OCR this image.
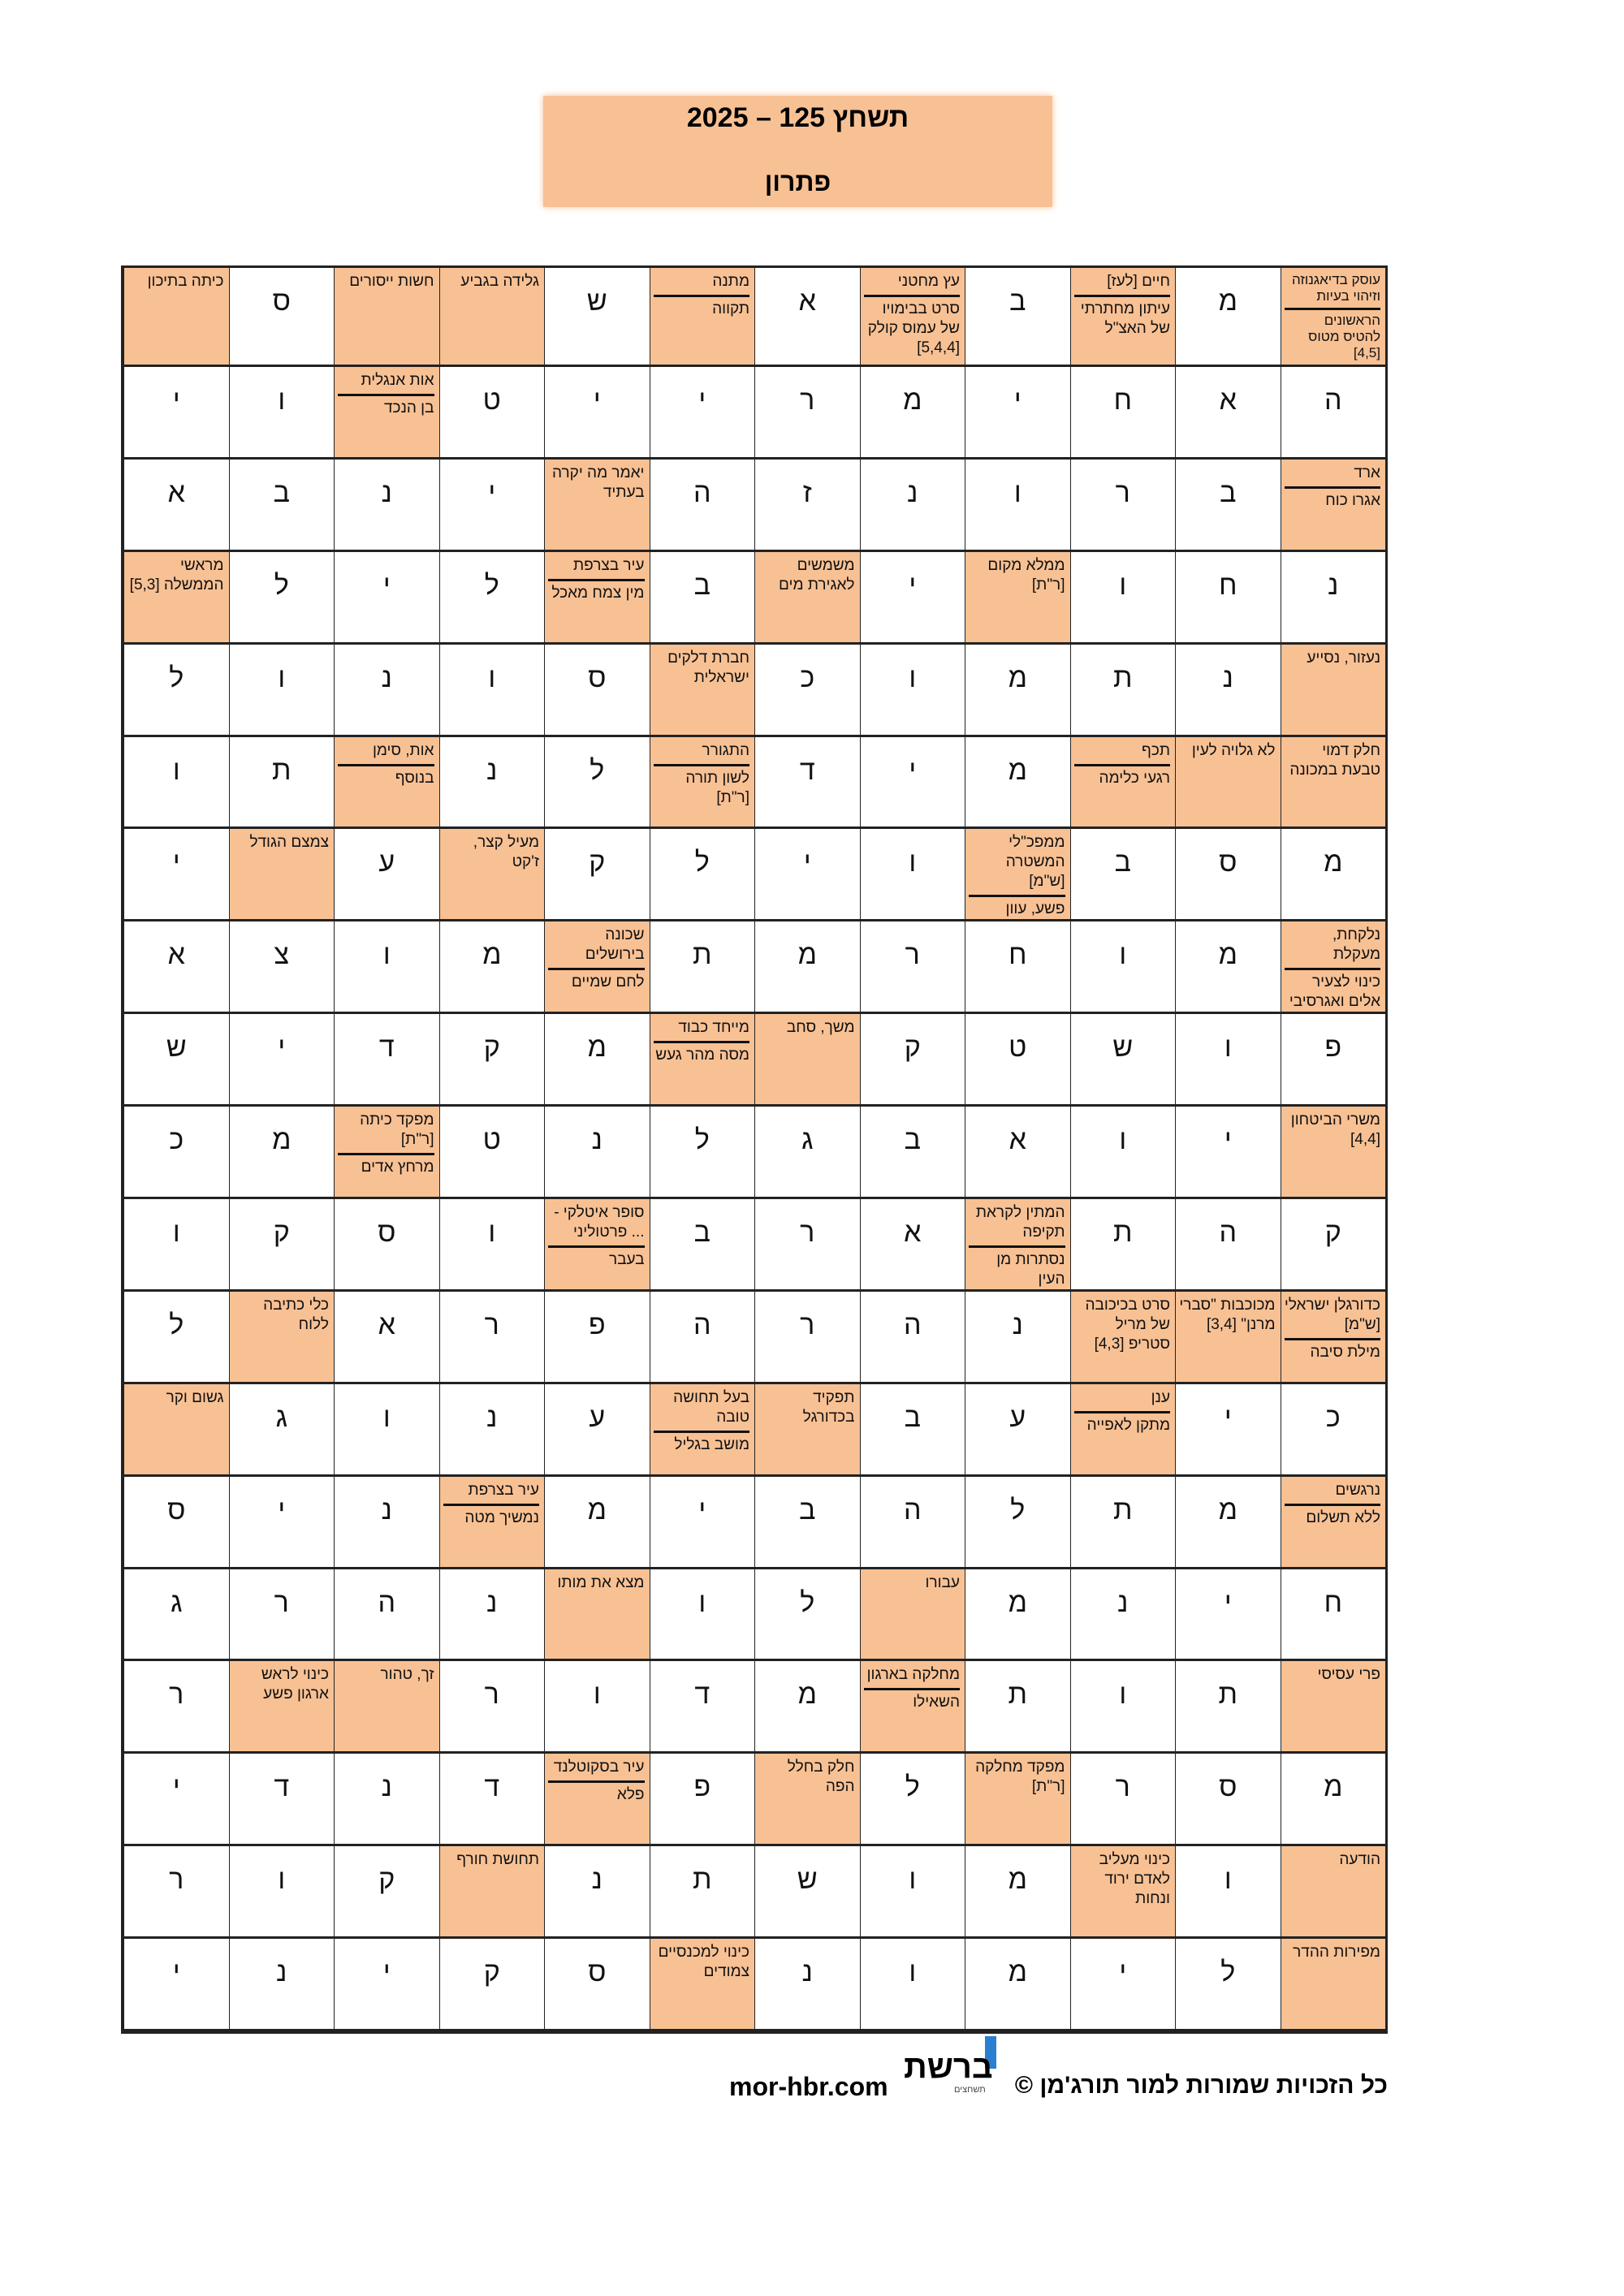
תשחץ 125 – 2025
פתרון
עוסק בדיאגנוזה וזיהוי בעיות
הראשונים להטיס מטוס [4,5]
מ
חיים [לעז]
עיתון מחתרתי של האצ"ל
ב
עץ מחטני
סרט בבימויו של עמוס קולק [5,4,4]
א
מתנה
תקווה
ש
גלידה בגביע
חשות ייסורים
ס
כיתה בתיכון
ה
א
ח
י
מ
ר
י
י
ט
אות אנגלית
בן הנכד
ו
י
ארד
אגרו כוח
ב
ר
ו
נ
ז
ה
יאמר מה יקרה בעתיד
י
נ
ב
א
נ
ח
ו
ממלא מקום [ר"ת]
י
משמשים לאגירת מים
ב
עיר בצרפת
מין צמח מאכל
ל
י
ל
מראשי הממשלה [5,3]
נעזור, נסייע
נ
ת
מ
ו
כ
חברת דלקים ישראלית
ס
ו
נ
ו
ל
חלק דמוי טבעת במכונה
לא גלויה לעין
תכף
רגעי כלימה
מ
י
ד
התגורר
לשון תורה [ר"ת]
ל
נ
אות, סימן
בנוסף
ת
ו
מ
ס
ב
ממפכ"לי המשטרה [ש"מ]
פשע, עוון
ו
י
ל
ק
מעיל קצר, ז'קט
ע
צמצם הגודל
י
נלקחת, מעקלת
כינוי לצעיר אלים ואגרסיבי
מ
ו
ח
ר
מ
ת
שכונה בירושלים
לחם שמיים
מ
ו
צ
א
פ
ו
ש
ט
ק
משך, סחב
מייחד כבוד
מסה מהר געש
מ
ק
ד
י
ש
משרי הביטחון [4,4]
י
ו
א
ב
ג
ל
נ
ט
מפקד כיתה [ר"ת]
מרחץ אדים
מ
כ
ק
ה
ת
המתין לקראת תקיפה
נסתרות מן העין
א
ר
ב
סופר איטלקי - ... פרטוליני
בעבר
ו
ס
ק
ו
כדורגלן ישראלי [ש"מ]
מילת סיבה
מכוכבות "סברי מרנן" [3,4]
סרט בכיכובה של מריל סטריפ [4,3]
נ
ה
ר
ה
פ
ר
א
כלי כתיבה ללוח
ל
כ
י
ענן
מתקן לאפייה
ע
ב
תפקיד בכדורגל
בעל תחושה טובה
מושב בגליל
ע
נ
ו
ג
גשום וקר
נרגשים
ללא תשלום
מ
ת
ל
ה
ב
י
מ
עיר בצרפת
נמשיך מטה
נ
י
ס
ח
י
נ
מ
עבורו
ל
ו
מצא את מותו
נ
ה
ר
ג
פרי עסיסי
ת
ו
ת
מחלקה בארגון
השאילו
מ
ד
ו
ר
זך, טהור
כינוי לראש ארגון פשע
ר
מ
ס
ר
מפקד מחלקה [ר"ת]
ל
חלק בחלל הפה
פ
עיר בסקוטלנד
פלא
ד
נ
ד
י
הודעה
ו
כינוי מעליב לאדם ירוד ונחות
מ
ו
ש
ת
נ
תחושת חורף
ק
ו
ר
מפירות ההדר
ל
י
מ
ו
נ
כינוי למכנסיים צמודים
ס
ק
י
נ
י
ברשת
תשחצים
mor-hbr.com	כל הזכויות שמורות למור תורג'מן ©
